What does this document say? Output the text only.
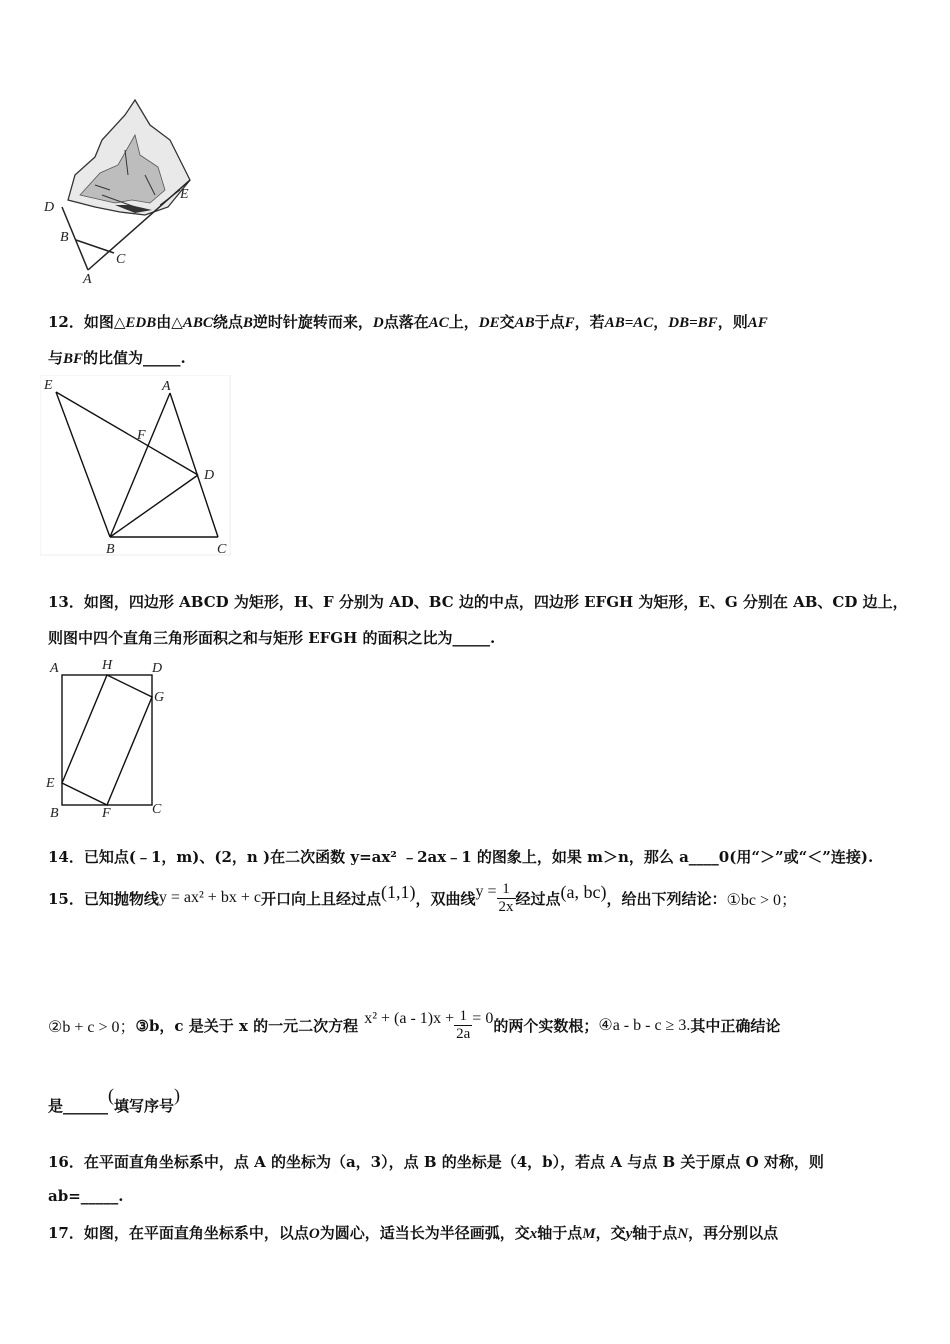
D
B
A
C
E
12．如图△EDB由△ABC绕点B逆时针旋转而来，D点落在AC上，DE交AB于点F，若AB=AC，DB=BF，则AF
与BF的比值为_____.
E	A
F
D
B	C
13．如图，四边形 ABCD 为矩形，H、F 分别为 AD、BC 边的中点，四边形 EFGH 为矩形，E、G 分别在 AB、CD 边上，
则图中四个直角三角形面积之和与矩形 EFGH 的面积之比为_____.
A	H	D
G
E
B	F	C
14．已知点(﹣1，m)、(2，n )在二次函数 y=ax² ﹣2ax﹣1 的图象上，如果 m＞n，那么 a____0(用“＞”或“＜”连接).
15．已知抛物线 y = ax² + bx + c 开口向上且经过点 (1,1) ，双曲线 $y = \frac{1}{2x}$ 经过点 (a, bc) ，给出下列结论： ①bc > 0；
②b + c > 0； ③b，c 是关于 x 的一元二次方程 $x^2 + (a - 1)x + \frac{1}{2a} = 0$ 的两个实数根； ④a - b - c ≥ 3. 其中正确结论
是______(填写序号)
16．在平面直角坐标系中，点 A 的坐标为（a，3），点 B 的坐标是（4，b），若点 A 与点 B 关于原点 O 对称，则
ab=_____.
17．如图，在平面直角坐标系中，以点O为圆心，适当长为半径画弧，交x轴于点M，交y轴于点N，再分别以点
